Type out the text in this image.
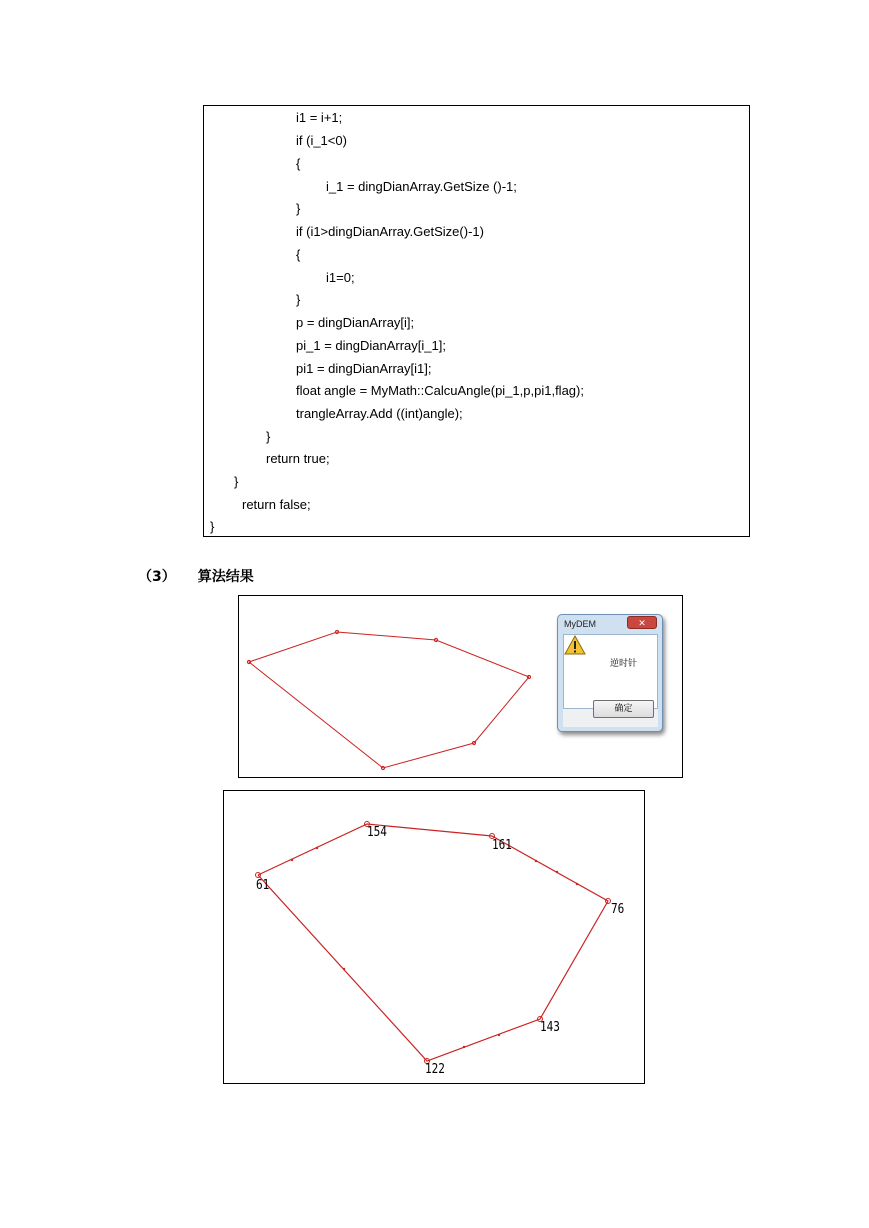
i1 = i+1;
if (i_1<0)
{
i_1 = dingDianArray.GetSize ()-1;
}
if (i1>dingDianArray.GetSize()-1)
{
i1=0;
}
p = dingDianArray[i];
pi_1 = dingDianArray[i_1];
pi1 = dingDianArray[i1];
float angle = MyMath::CalcuAngle(pi_1,p,pi1,flag);
trangleArray.Add ((int)angle);
}
return true;
}
return false;
}
（3） 算法结果
MyDEM	✕
逆时针
确定
154
161
61
76
143
122
